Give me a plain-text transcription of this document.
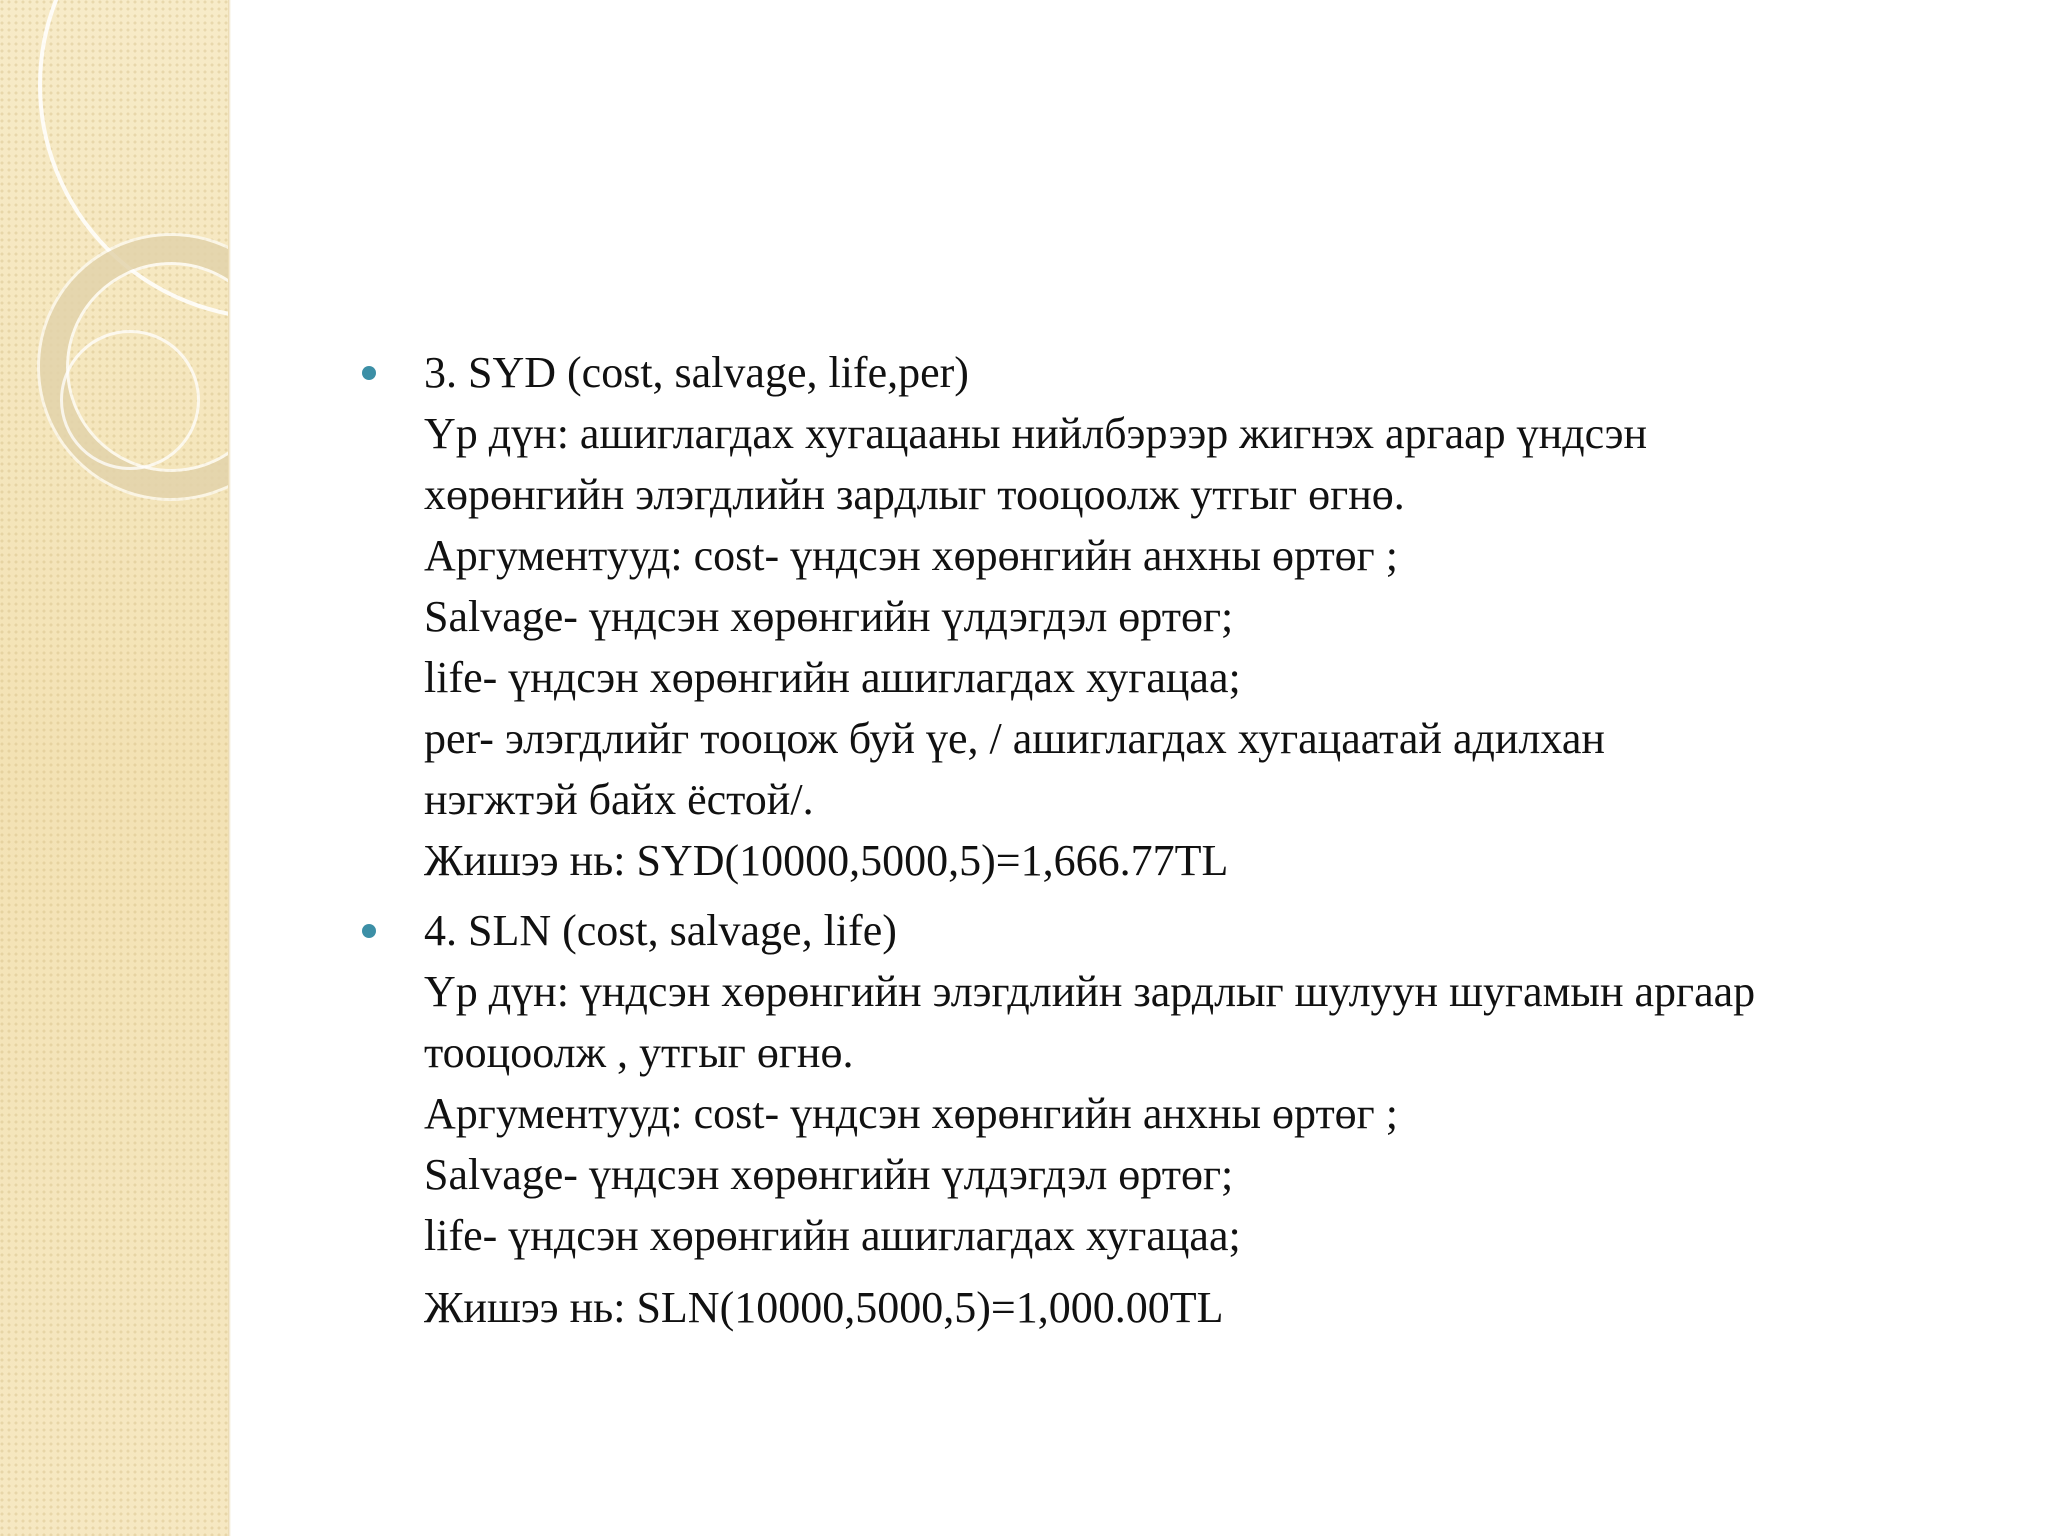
3. SYD (cost, salvage, life,per)
Үр дүн: ашиглагдах хугацааны нийлбэрээр жигнэх аргаар үндсэн
хөрөнгийн элэгдлийн зардлыг тооцоолж утгыг өгнө.
Аргументууд: cost- үндсэн хөрөнгийн анхны өртөг ;
Salvage- үндсэн хөрөнгийн үлдэгдэл өртөг;
life- үндсэн хөрөнгийн ашиглагдах хугацаа;
per- элэгдлийг тооцож буй үе, / ашиглагдах хугацаатай адилхан
нэгжтэй байх ёстой/.
Жишээ нь: SYD(10000,5000,5)=1,666.77TL
4. SLN (cost, salvage, life)
Үр дүн: үндсэн хөрөнгийн элэгдлийн зардлыг шулуун шугамын аргаар
тооцоолж , утгыг өгнө.
Аргументууд: cost- үндсэн хөрөнгийн анхны өртөг ;
Salvage- үндсэн хөрөнгийн үлдэгдэл өртөг;
life- үндсэн хөрөнгийн ашиглагдах хугацаа;
Жишээ нь: SLN(10000,5000,5)=1,000.00TL
